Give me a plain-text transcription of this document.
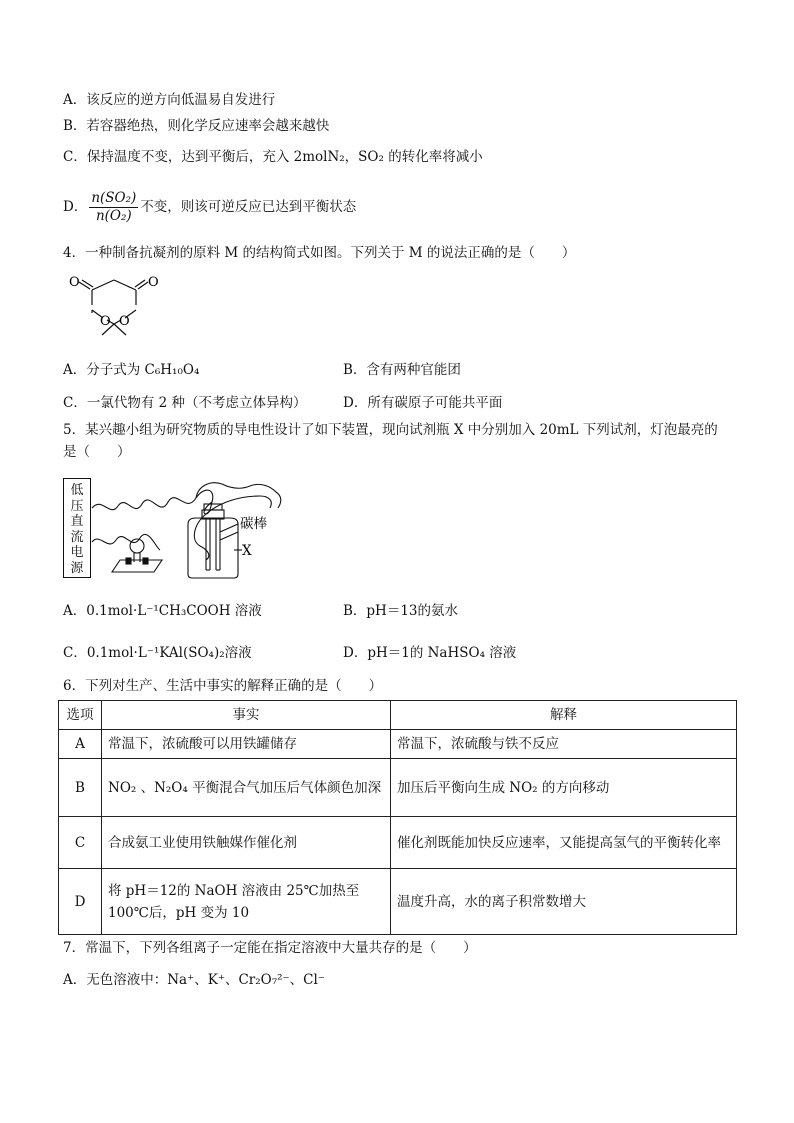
A．该反应的逆方向低温易自发进行
B．若容器绝热，则化学反应速率会越来越快
C．保持温度不变，达到平衡后，充入 2molN₂，SO₂ 的转化率将减小
D． $\frac{\text{n(SO₂)}}{\text{n(O₂)}}$ 不变，则该可逆反应已达到平衡状态
4．一种制备抗凝剂的原料 M 的结构简式如图。下列关于 M 的说法正确的是（　　）
O	O
O O
A．分子式为 C₆H₁₀O₄	B．含有两种官能团
C．一氯代物有 2 种（不考虑立体异构）	D．所有碳原子可能共平面
5．某兴趣小组为研究物质的导电性设计了如下装置，现向试剂瓶 X 中分别加入 20mL 下列试剂，灯泡最亮的
是（　　）
低压直流电源
碳棒
X
A．0.1mol·L⁻¹CH₃COOH 溶液	B．pH＝13的氨水
C．0.1mol·L⁻¹KAl(SO₄)₂溶液	D．pH＝1的 NaHSO₄ 溶液
6．下列对生产、生活中事实的解释正确的是（　　）
选项	事实	解释
A	常温下，浓硫酸可以用铁罐储存	常温下，浓硫酸与铁不反应
B	NO₂ 、N₂O₄ 平衡混合气加压后气体颜色加深	加压后平衡向生成 NO₂ 的方向移动
C	合成氨工业使用铁触媒作催化剂	催化剂既能加快反应速率，又能提高氢气的平衡转化率
D	将 pH＝12的 NaOH 溶液由 25℃加热至 100℃后，pH 变为 10	温度升高，水的离子积常数增大
7．常温下，下列各组离子一定能在指定溶液中大量共存的是（　　）
A．无色溶液中：Na⁺、K⁺、Cr₂O₇²⁻、Cl⁻
